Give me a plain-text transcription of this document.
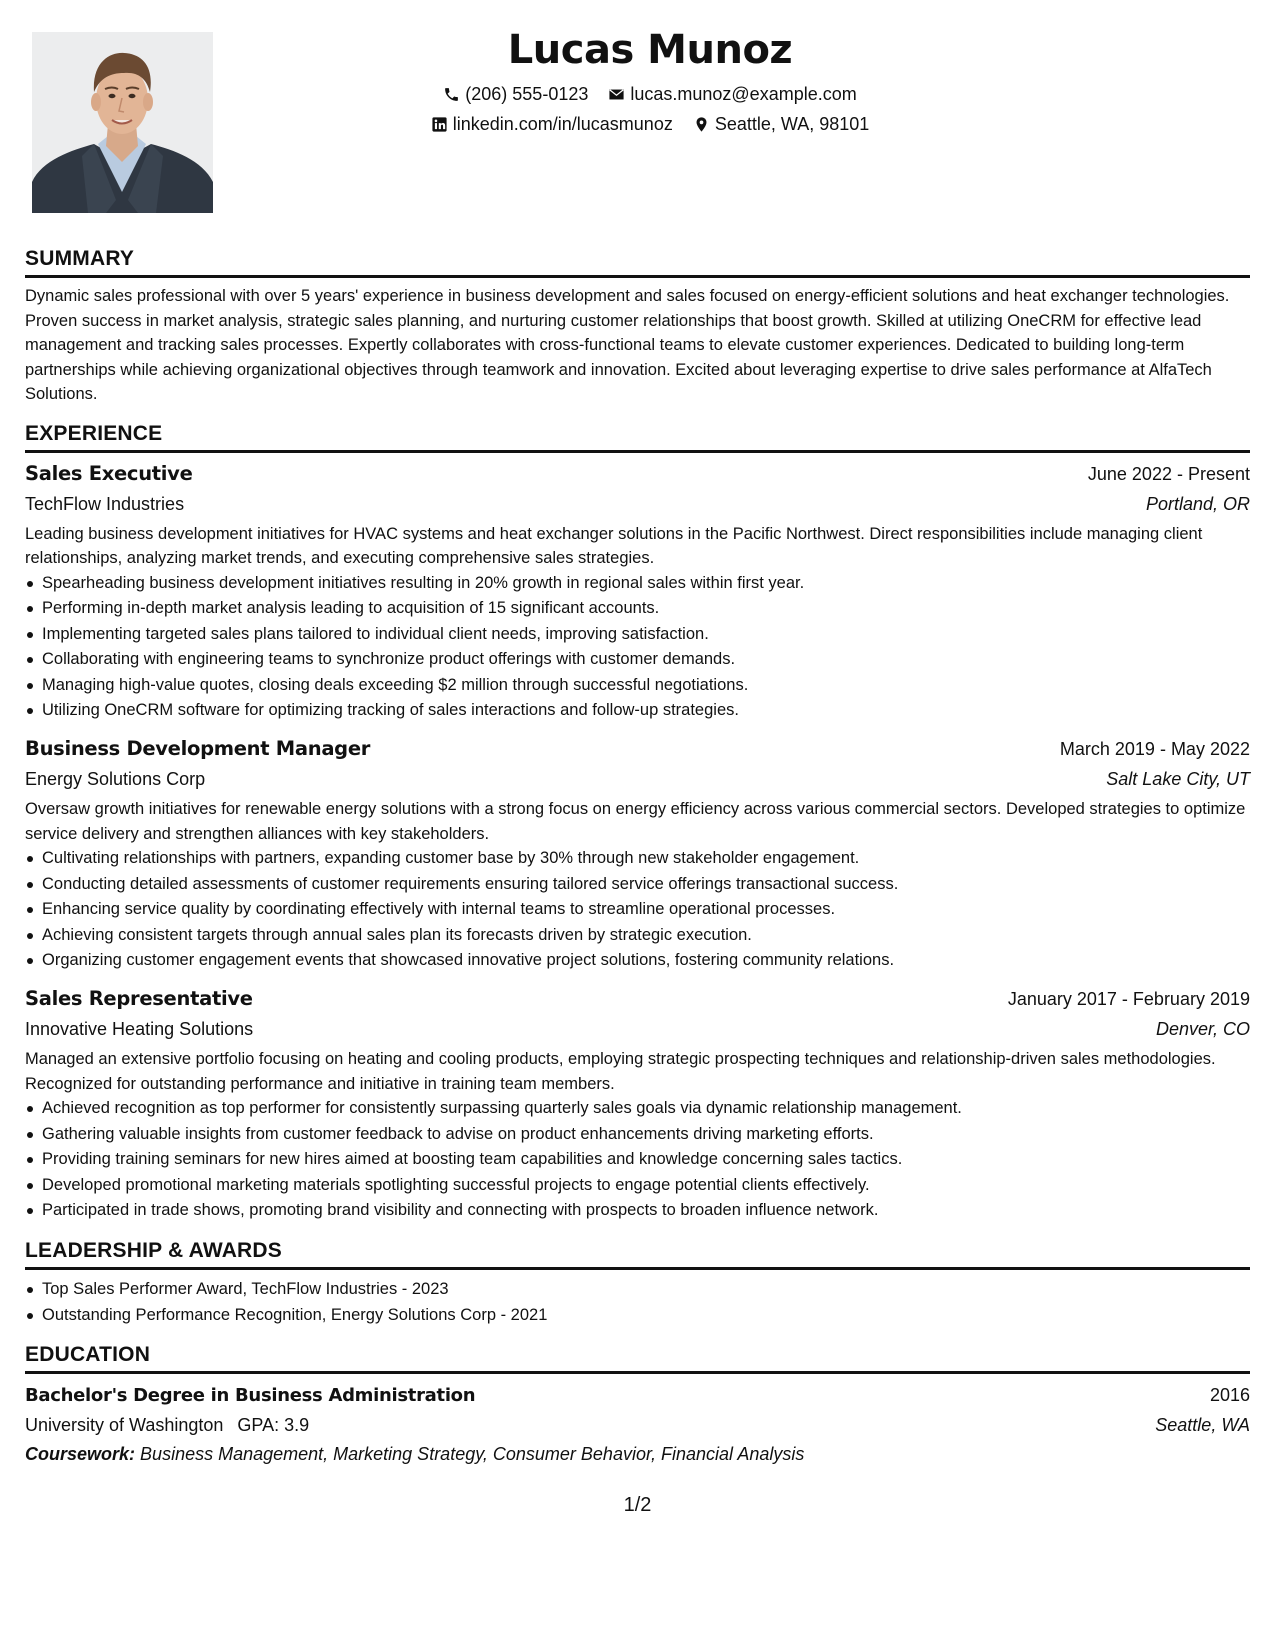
Lucas Munoz
(206) 555-0123 lucas.munoz@example.com
linkedin.com/in/lucasmunoz Seattle, WA, 98101
SUMMARY
Dynamic sales professional with over 5 years' experience in business development and sales focused on energy-efficient solutions and heat exchanger technologies. Proven success in market analysis, strategic sales planning, and nurturing customer relationships that boost growth. Skilled at utilizing OneCRM for effective lead management and tracking sales processes. Expertly collaborates with cross-functional teams to elevate customer experiences. Dedicated to building long-term partnerships while achieving organizational objectives through teamwork and innovation. Excited about leveraging expertise to drive sales performance at AlfaTech Solutions.
EXPERIENCE
Sales Executive	June 2022 - Present
TechFlow Industries	Portland, OR
Leading business development initiatives for HVAC systems and heat exchanger solutions in the Pacific Northwest. Direct responsibilities include managing client relationships, analyzing market trends, and executing comprehensive sales strategies.
Spearheading business development initiatives resulting in 20% growth in regional sales within first year.
Performing in-depth market analysis leading to acquisition of 15 significant accounts.
Implementing targeted sales plans tailored to individual client needs, improving satisfaction.
Collaborating with engineering teams to synchronize product offerings with customer demands.
Managing high-value quotes, closing deals exceeding $2 million through successful negotiations.
Utilizing OneCRM software for optimizing tracking of sales interactions and follow-up strategies.
Business Development Manager	March 2019 - May 2022
Energy Solutions Corp	Salt Lake City, UT
Oversaw growth initiatives for renewable energy solutions with a strong focus on energy efficiency across various commercial sectors. Developed strategies to optimize service delivery and strengthen alliances with key stakeholders.
Cultivating relationships with partners, expanding customer base by 30% through new stakeholder engagement.
Conducting detailed assessments of customer requirements ensuring tailored service offerings transactional success.
Enhancing service quality by coordinating effectively with internal teams to streamline operational processes.
Achieving consistent targets through annual sales plan its forecasts driven by strategic execution.
Organizing customer engagement events that showcased innovative project solutions, fostering community relations.
Sales Representative	January 2017 - February 2019
Innovative Heating Solutions	Denver, CO
Managed an extensive portfolio focusing on heating and cooling products, employing strategic prospecting techniques and relationship-driven sales methodologies. Recognized for outstanding performance and initiative in training team members.
Achieved recognition as top performer for consistently surpassing quarterly sales goals via dynamic relationship management.
Gathering valuable insights from customer feedback to advise on product enhancements driving marketing efforts.
Providing training seminars for new hires aimed at boosting team capabilities and knowledge concerning sales tactics.
Developed promotional marketing materials spotlighting successful projects to engage potential clients effectively.
Participated in trade shows, promoting brand visibility and connecting with prospects to broaden influence network.
LEADERSHIP & AWARDS
Top Sales Performer Award, TechFlow Industries - 2023
Outstanding Performance Recognition, Energy Solutions Corp - 2021
EDUCATION
Bachelor's Degree in Business Administration	2016
University of Washington GPA: 3.9	Seattle, WA
Coursework: Business Management, Marketing Strategy, Consumer Behavior, Financial Analysis
1/2
